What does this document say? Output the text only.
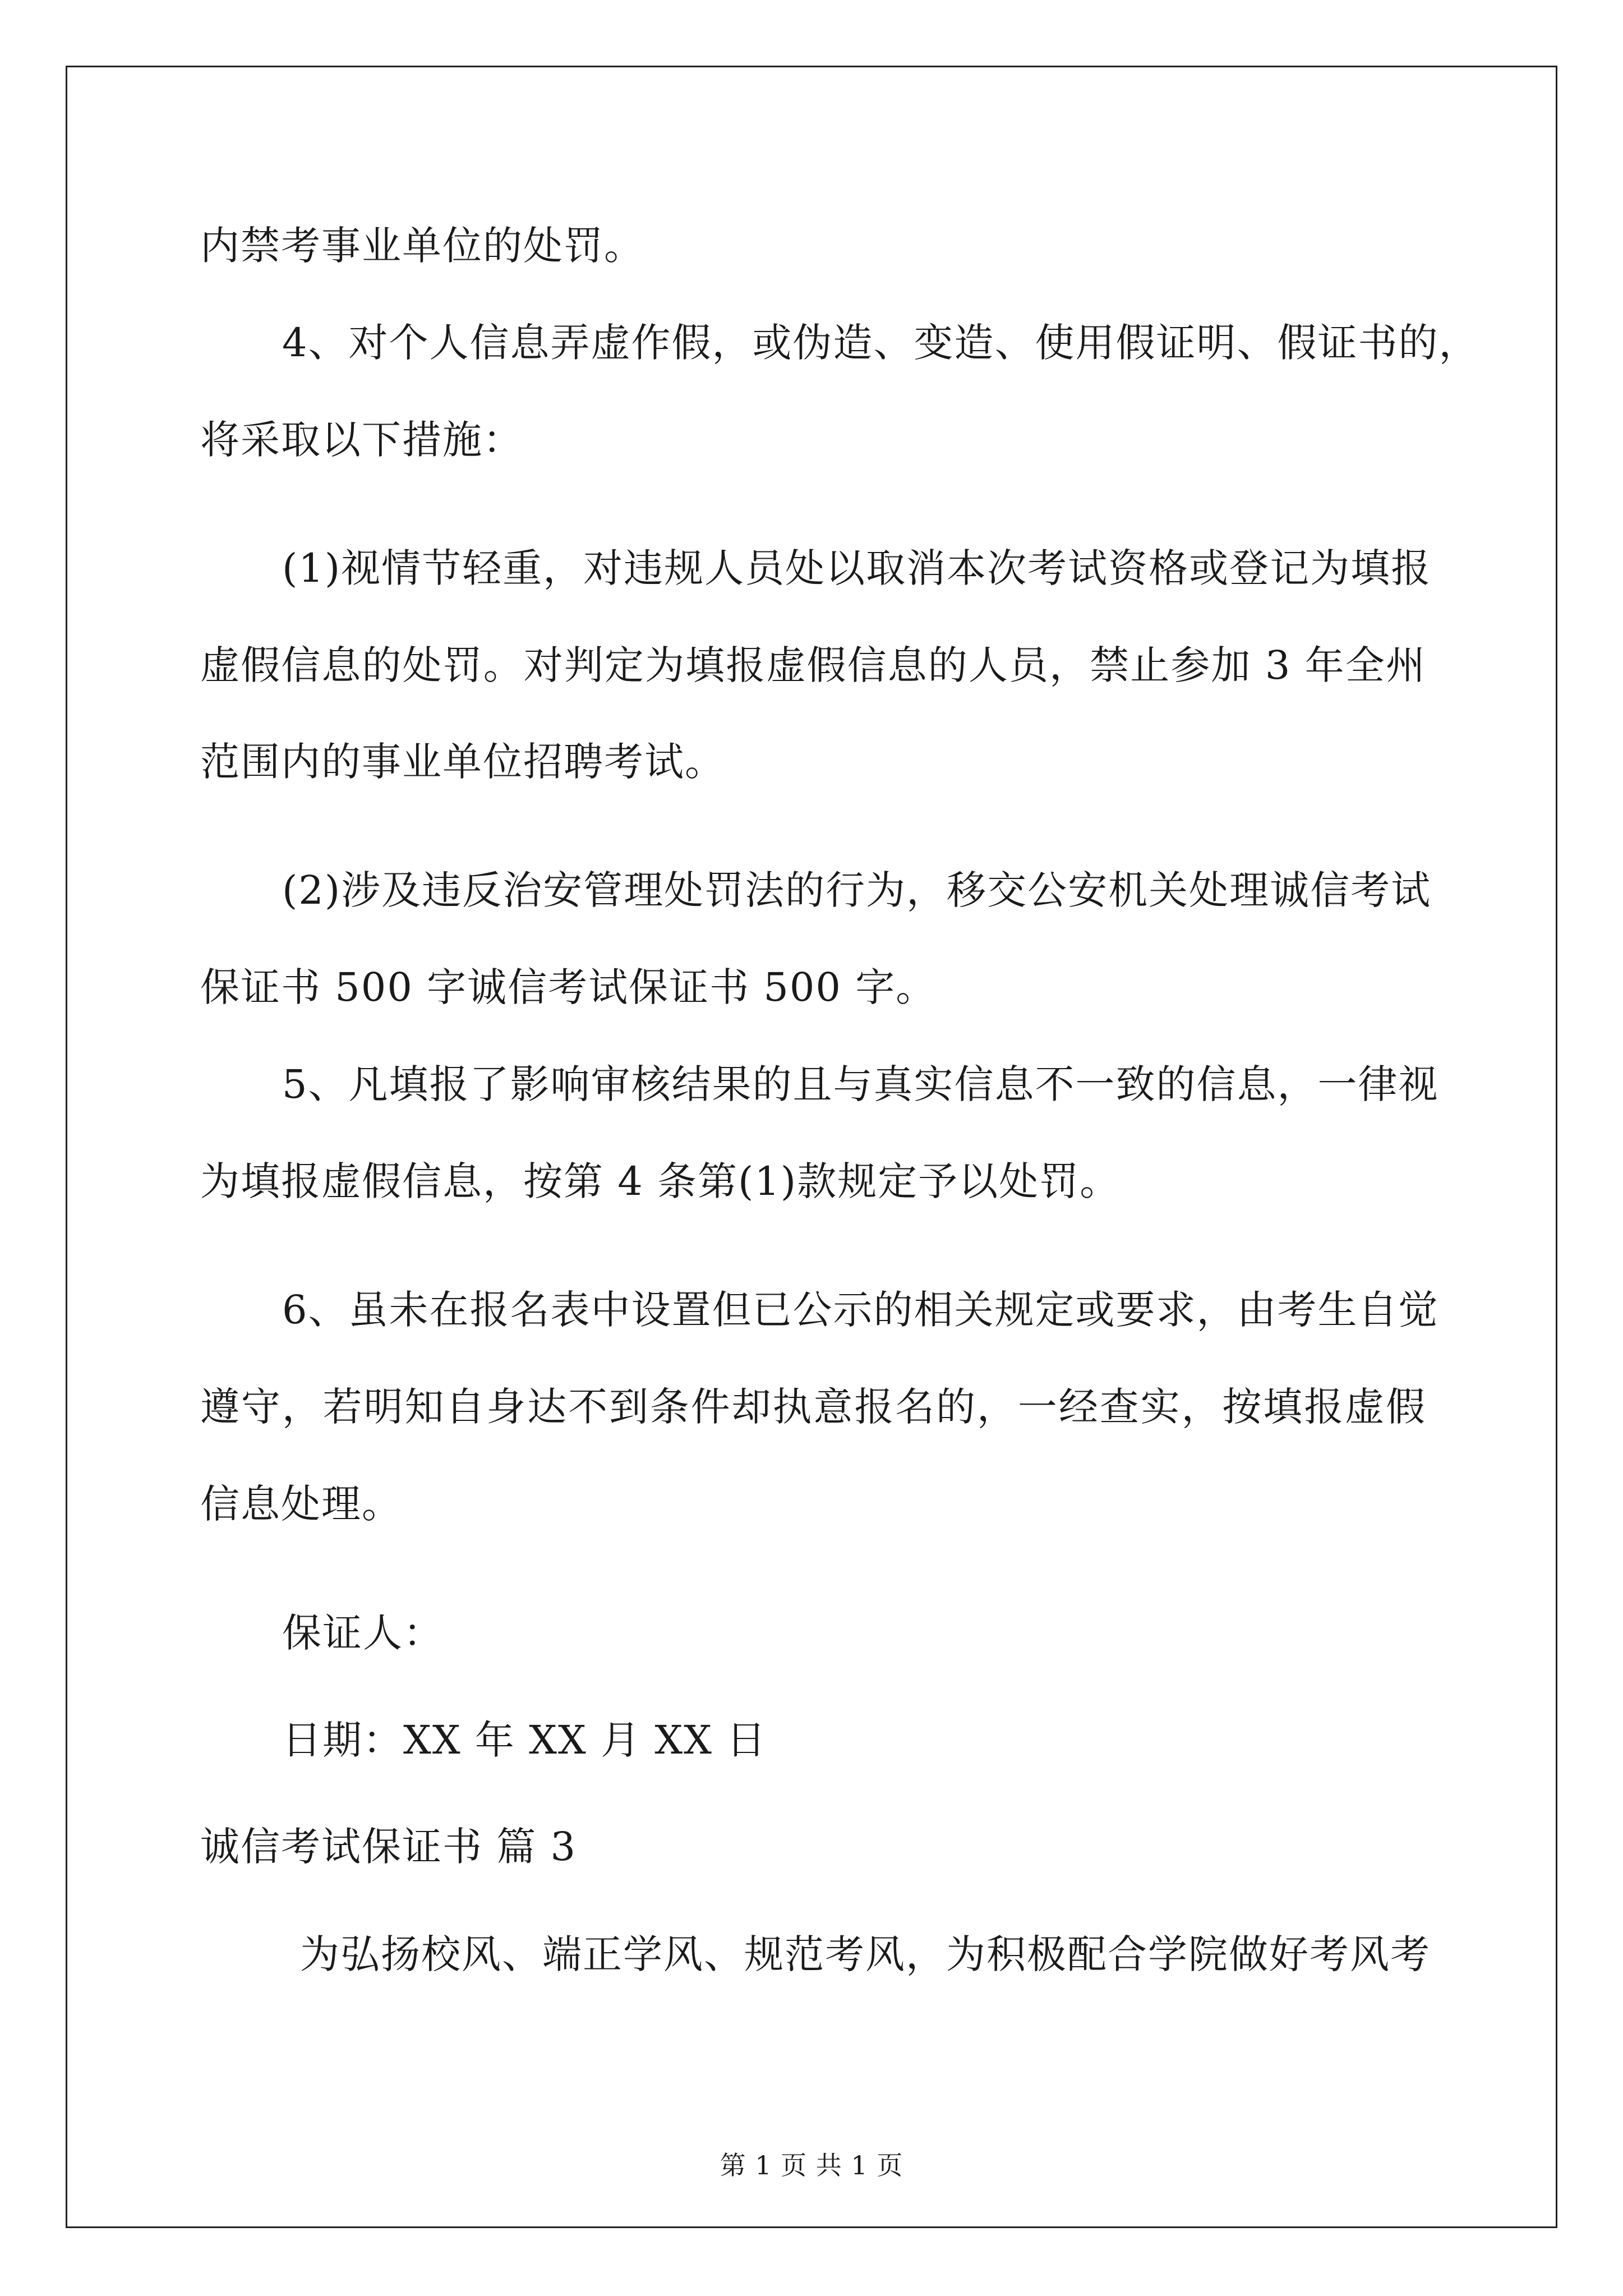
内禁考事业单位的处罚。
4、对个人信息弄虚作假，或伪造、变造、使用假证明、假证书的，
将采取以下措施：
(1)视情节轻重，对违规人员处以取消本次考试资格或登记为填报
虚假信息的处罚。对判定为填报虚假信息的人员，禁止参加 3 年全州
范围内的事业单位招聘考试。
(2)涉及违反治安管理处罚法的行为，移交公安机关处理诚信考试
保证书 500 字诚信考试保证书 500 字。
5、凡填报了影响审核结果的且与真实信息不一致的信息，一律视
为填报虚假信息，按第 4 条第(1)款规定予以处罚。
6、虽未在报名表中设置但已公示的相关规定或要求，由考生自觉
遵守，若明知自身达不到条件却执意报名的，一经查实，按填报虚假
信息处理。
保证人：
日期：XX 年 XX 月 XX 日
诚信考试保证书 篇 3
为弘扬校风、端正学风、规范考风，为积极配合学院做好考风考
第 1 页 共 1 页
